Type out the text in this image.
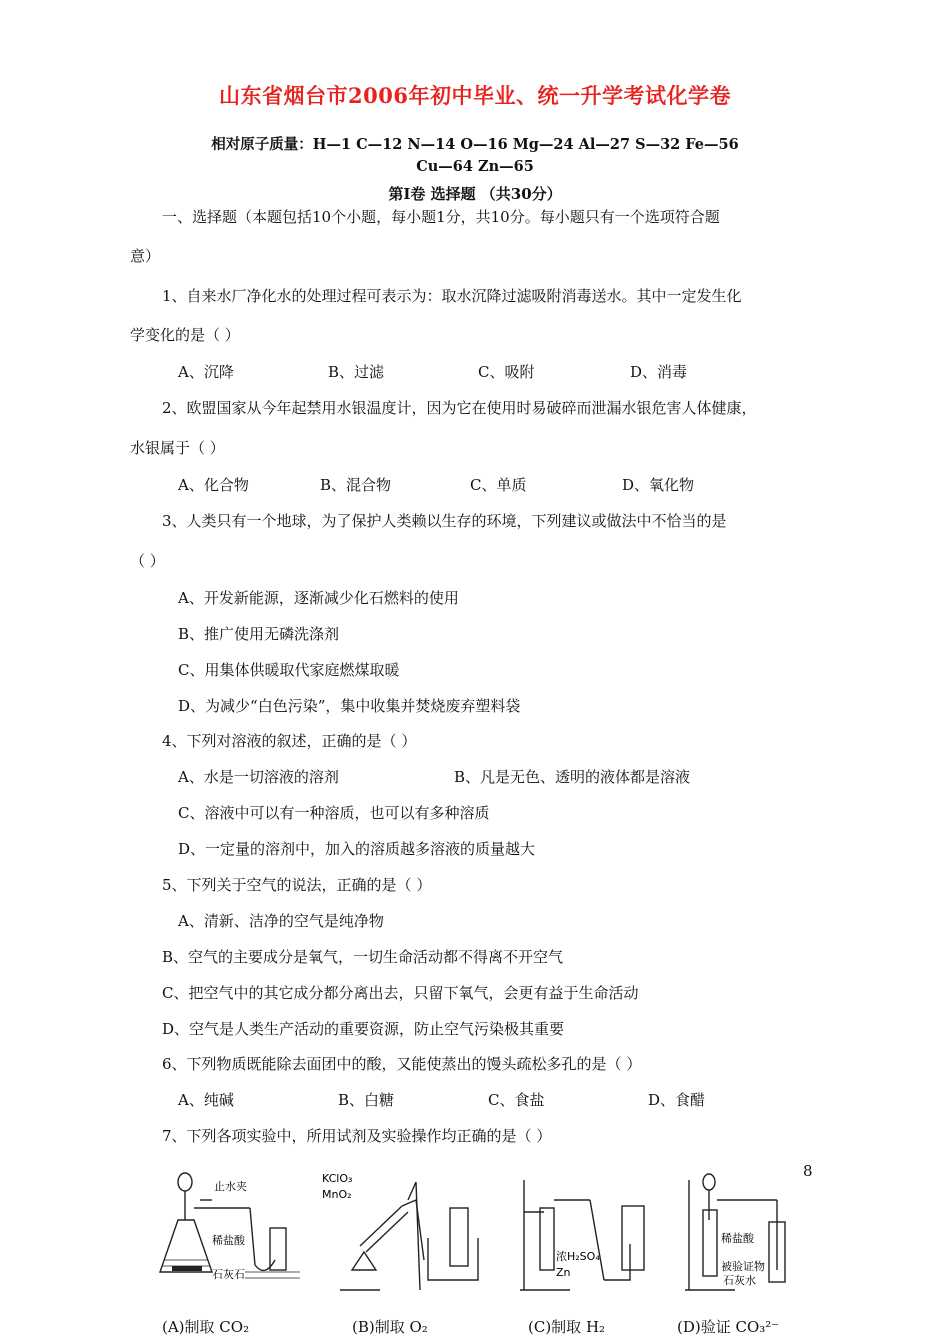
山东省烟台市2006年初中毕业、统一升学考试化学卷
相对原子质量：H—1 C—12 N—14 O—16 Mg—24 Al—27 S—32 Fe—56
Cu—64 Zn—65
第Ⅰ卷 选择题 （共30分）
一、选择题（本题包括10个小题，每小题1分，共10分。每小题只有一个选项符合题
意）
1、自来水厂净化水的处理过程可表示为：取水沉降过滤吸附消毒送水。其中一定发生化
学变化的是（ ）
A、沉降	B、过滤	C、吸附	D、消毒
2、欧盟国家从今年起禁用水银温度计，因为它在使用时易破碎而泄漏水银危害人体健康，
水银属于（ ）
A、化合物	B、混合物	C、单质	D、氧化物
3、人类只有一个地球，为了保护人类赖以生存的环境，下列建议或做法中不恰当的是
（ ）
A、开发新能源，逐渐减少化石燃料的使用
B、推广使用无磷洗涤剂
C、用集体供暖取代家庭燃煤取暖
D、为减少“白色污染”，集中收集并焚烧废弃塑料袋
4、下列对溶液的叙述，正确的是（ ）
A、水是一切溶液的溶剂	B、凡是无色、透明的液体都是溶液
C、溶液中可以有一种溶质，也可以有多种溶质
D、一定量的溶剂中，加入的溶质越多溶液的质量越大
5、下列关于空气的说法，正确的是（ ）
A、清新、洁净的空气是纯净物
B、空气的主要成分是氧气，一切生命活动都不得离不开空气
C、把空气中的其它成分都分离出去，只留下氧气，会更有益于生命活动
D、空气是人类生产活动的重要资源，防止空气污染极其重要
6、下列物质既能除去面团中的酸，又能使蒸出的馒头疏松多孔的是（ ）
A、纯碱	B、白糖	C、食盐	D、食醋
7、下列各项实验中，所用试剂及实验操作均正确的是（ ）
8
止水夹
稀盐酸
石灰石
(A)制取 CO₂
KClO₃
MnO₂
(B)制取 O₂
浓H₂SO₄
Zn
(C)制取 H₂
稀盐酸
被验证物
石灰水
(D)验证 CO₃²⁻
